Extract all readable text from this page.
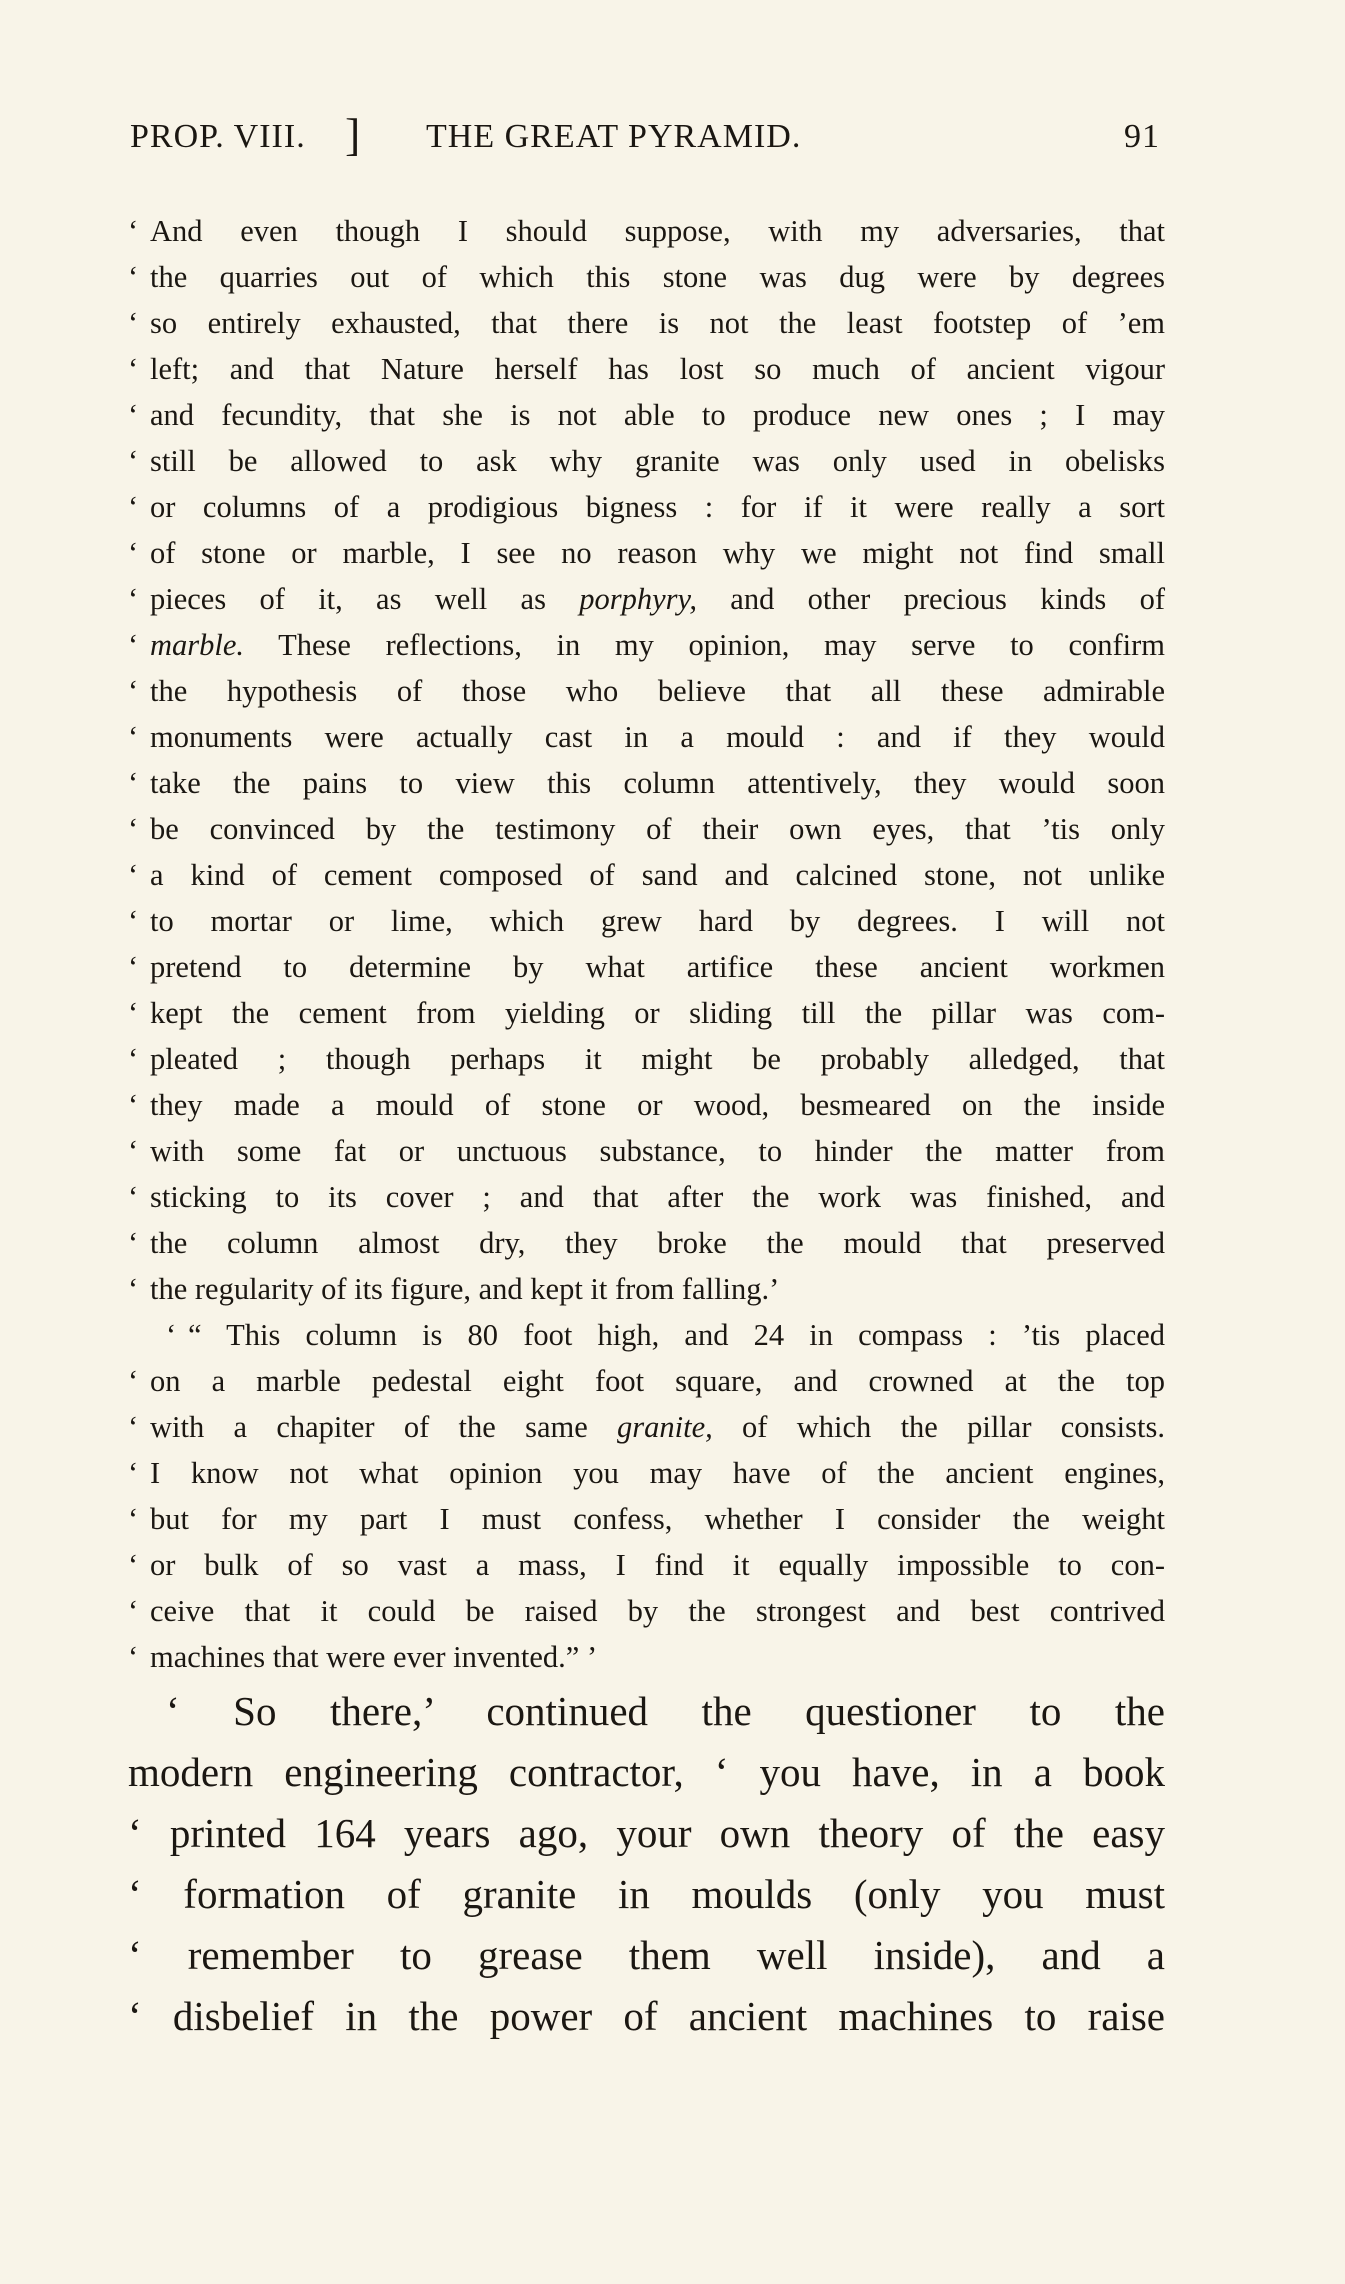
PROP. VIII. ] THE GREAT PYRAMID.	91
‘ And even though I should suppose, with my adversaries, that
‘ the quarries out of which this stone was dug were by degrees
‘ so entirely exhausted, that there is not the least footstep of ’em
‘ left; and that Nature herself has lost so much of ancient vigour
‘ and fecundity, that she is not able to produce new ones ; I may
‘ still be allowed to ask why granite was only used in obelisks
‘ or columns of a prodigious bigness : for if it were really a sort
‘ of stone or marble, I see no reason why we might not find small
‘ pieces of it, as well as porphyry, and other precious kinds of
‘ marble. These reflections, in my opinion, may serve to confirm
‘ the hypothesis of those who believe that all these admirable
‘ monuments were actually cast in a mould : and if they would
‘ take the pains to view this column attentively, they would soon
‘ be convinced by the testimony of their own eyes, that ’tis only
‘ a kind of cement composed of sand and calcined stone, not unlike
‘ to mortar or lime, which grew hard by degrees. I will not
‘ pretend to determine by what artifice these ancient workmen
‘ kept the cement from yielding or sliding till the pillar was com-
‘ pleated ; though perhaps it might be probably alledged, that
‘ they made a mould of stone or wood, besmeared on the inside
‘ with some fat or unctuous substance, to hinder the matter from
‘ sticking to its cover ; and that after the work was finished, and
‘ the column almost dry, they broke the mould that preserved
‘ the regularity of its figure, and kept it from falling.’
‘ “ This column is 80 foot high, and 24 in compass : ’tis placed
‘ on a marble pedestal eight foot square, and crowned at the top
‘ with a chapiter of the same granite, of which the pillar consists.
‘ I know not what opinion you may have of the ancient engines,
‘ but for my part I must confess, whether I consider the weight
‘ or bulk of so vast a mass, I find it equally impossible to con-
‘ ceive that it could be raised by the strongest and best contrived
‘ machines that were ever invented.” ’
‘ So there,’ continued the questioner to the
modern engineering contractor, ‘ you have, in a book
‘ printed 164 years ago, your own theory of the easy
‘ formation of granite in moulds (only you must
‘ remember to grease them well inside), and a
‘ disbelief in the power of ancient machines to raise
